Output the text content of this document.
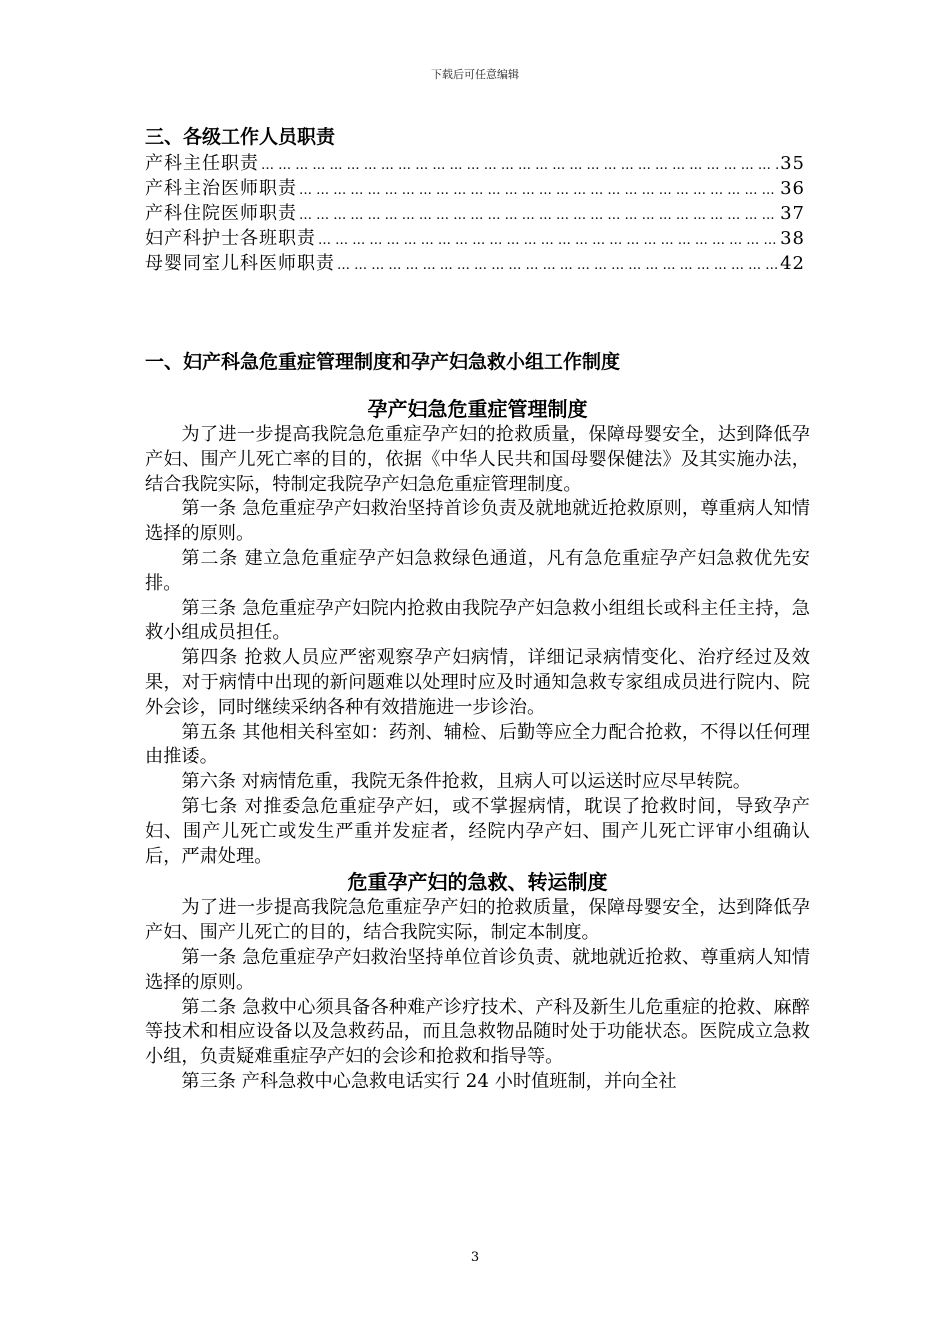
下载后可任意编辑
三、各级工作人员职责
产科主任职责 … … … … … … … … … … … … … … … … … … … … … … … … … … … … … … … … … … … … … … … … … … … … … … … …	35
产科主治医师职责 … … … … … … … … … … … … … … … … … … … … … … … … … … … … … … … … … … … … … … … … … … … … … … … …	36
产科住院医师职责 … … … … … … … … … … … … … … … … … … … … … … … … … … … … … … … … … … … … … … … … … … … … … … … …	37
妇产科护士各班职责 … … … … … … … … … … … … … … … … … … … … … … … … … … … … … … … … … … … … … … … … … … … … … … … …	38
母婴同室儿科医师职责 … … … … … … … … … … … … … … … … … … … … … … … … … … … … … … … … … … … … … … … … … … … … … … … …	42
一、妇产科急危重症管理制度和孕产妇急救小组工作制度
孕产妇急危重症管理制度

为了进一步提高我院急危重症孕产妇的抢救质量，保障母婴安全，达到降低孕产妇、围产儿死亡率的目的，依据《中华人民共和国母婴保健法》及其实施办法，结合我院实际，特制定我院孕产妇急危重症管理制度。

第一条 急危重症孕产妇救治坚持首诊负责及就地就近抢救原则，尊重病人知情选择的原则。

第二条 建立急危重症孕产妇急救绿色通道，凡有急危重症孕产妇急救优先安排。

第三条 急危重症孕产妇院内抢救由我院孕产妇急救小组组长或科主任主持，急救小组成员担任。

第四条 抢救人员应严密观察孕产妇病情，详细记录病情变化、治疗经过及效果，对于病情中出现的新问题难以处理时应及时通知急救专家组成员进行院内、院外会诊，同时继续采纳各种有效措施进一步诊治。

第五条 其他相关科室如：药剂、辅检、后勤等应全力配合抢救，不得以任何理由推诿。

第六条 对病情危重，我院无条件抢救，且病人可以运送时应尽早转院。

第七条 对推委急危重症孕产妇，或不掌握病情，耽误了抢救时间，导致孕产妇、围产儿死亡或发生严重并发症者，经院内孕产妇、围产儿死亡评审小组确认后，严肃处理。

危重孕产妇的急救、转运制度

为了进一步提高我院急危重症孕产妇的抢救质量，保障母婴安全，达到降低孕产妇、围产儿死亡的目的，结合我院实际，制定本制度。

第一条 急危重症孕产妇救治坚持单位首诊负责、就地就近抢救、尊重病人知情选择的原则。

第二条 急救中心须具备各种难产诊疗技术、产科及新生儿危重症的抢救、麻醉等技术和相应设备以及急救药品，而且急救物品随时处于功能状态。医院成立急救小组，负责疑难重症孕产妇的会诊和抢救和指导等。

第三条 产科急救中心急救电话实行 24 小时值班制，并向全社

3
